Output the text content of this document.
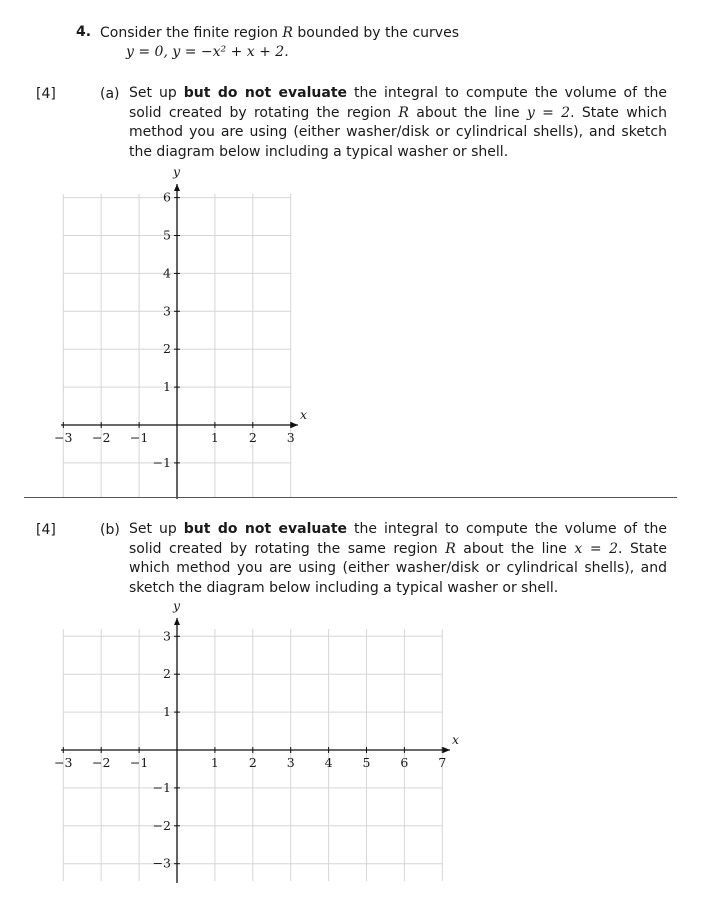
4. Consider the finite region R bounded by the curves
y = 0, y = −x² + x + 2.
[4]	(a) Set up but do not evaluate the integral to compute the volume of the solid created by rotating the region R about the line y = 2. State which method you are using (either washer/disk or cylindrical shells), and sketch the diagram below including a typical washer or shell.
x
y
−3 −2 −1	1 2 3
6
5
4
3
2
1
−1
[4]	(b) Set up but do not evaluate the integral to compute the volume of the solid created by rotating the same region R about the line x = 2. State which method you are using (either washer/disk or cylindrical shells), and sketch the diagram below including a typical washer or shell.
x
y
−3 −2 −1	1 2 3 4 5 6 7
3
2
1
−1
−2
−3
